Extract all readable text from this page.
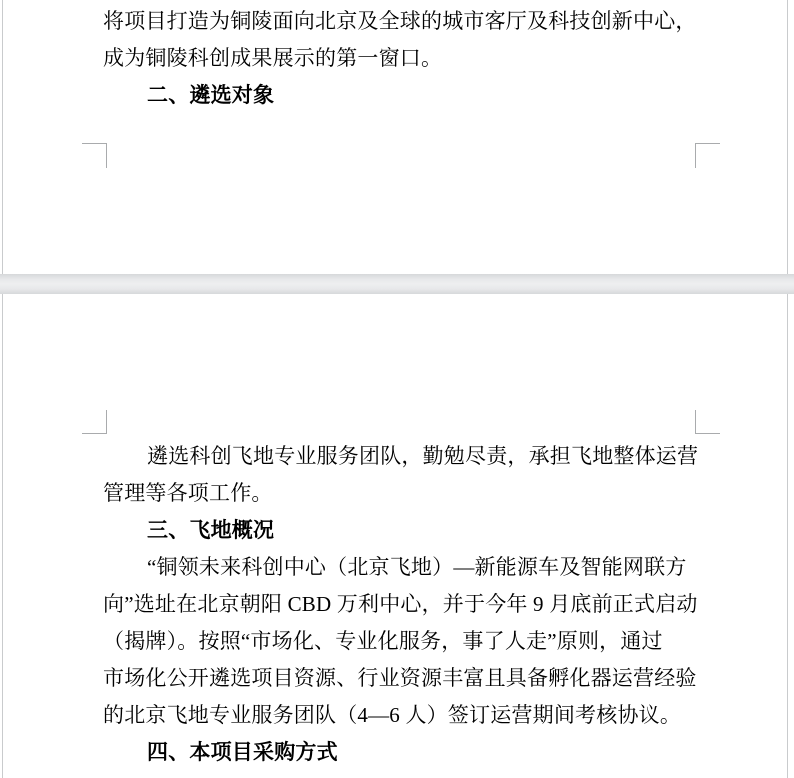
将项目打造为铜陵面向北京及全球的城市客厅及科技创新中心，
成为铜陵科创成果展示的第一窗口。
二、遴选对象
遴选科创飞地专业服务团队，勤勉尽责，承担飞地整体运营
管理等各项工作。
三、飞地概况
“铜领未来科创中心（北京飞地）—新能源车及智能网联方
向”选址在北京朝阳 CBD 万利中心，并于今年 9 月底前正式启动
（揭牌）。按照“市场化、专业化服务，事了人走”原则，通过
市场化公开遴选项目资源、行业资源丰富且具备孵化器运营经验
的北京飞地专业服务团队（4—6 人）签订运营期间考核协议。
四、本项目采购方式
